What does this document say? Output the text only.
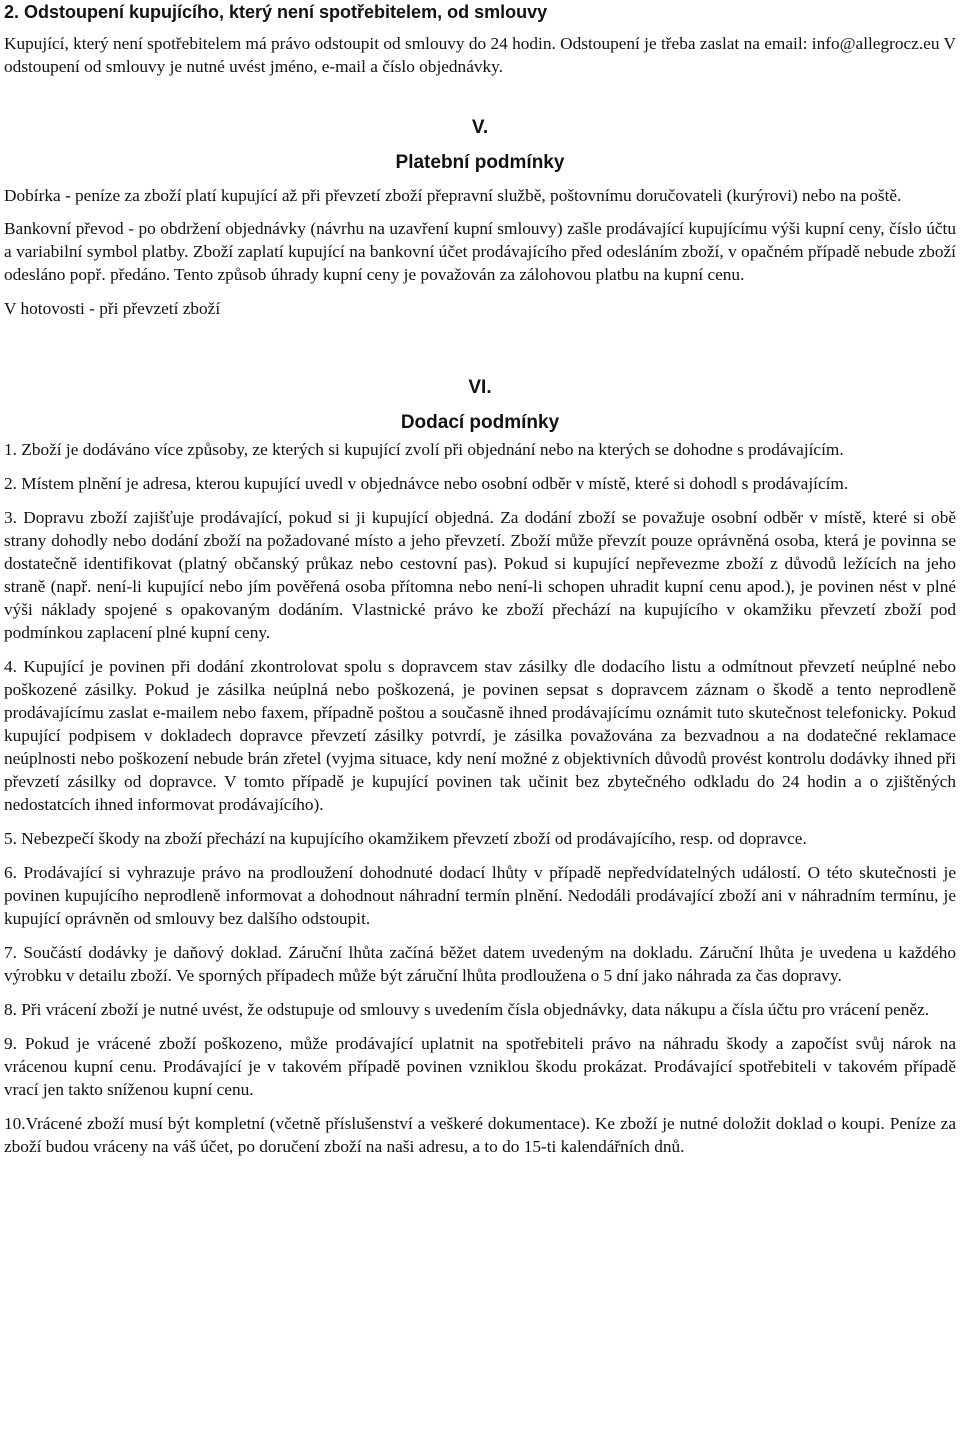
2. Odstoupení kupujícího, který není spotřebitelem, od smlouvy

Kupující, který není spotřebitelem má právo odstoupit od smlouvy do 24 hodin. Odstoupení je třeba zaslat na email: info@allegrocz.eu V odstoupení od smlouvy je nutné uvést jméno, e-mail a číslo objednávky.

V.
Platební podmínky

Dobírka - peníze za zboží platí kupující až při převzetí zboží přepravní službě, poštovnímu doručovateli (kurýrovi) nebo na poště.

Bankovní převod - po obdržení objednávky (návrhu na uzavření kupní smlouvy) zašle prodávající kupujícímu výši kupní ceny, číslo účtu a variabilní symbol platby. Zboží zaplatí kupující na bankovní účet prodávajícího před odesláním zboží, v opačném případě nebude zboží odesláno popř. předáno. Tento způsob úhrady kupní ceny je považován za zálohovou platbu na kupní cenu.

V hotovosti - při převzetí zboží

VI.
Dodací podmínky

1. Zboží je dodáváno více způsoby, ze kterých si kupující zvolí při objednání nebo na kterých se dohodne s prodávajícím.

2. Místem plnění je adresa, kterou kupující uvedl v objednávce nebo osobní odběr v místě, které si dohodl s prodávajícím.

3. Dopravu zboží zajišťuje prodávající, pokud si ji kupující objedná. Za dodání zboží se považuje osobní odběr v místě, které si obě strany dohodly nebo dodání zboží na požadované místo a jeho převzetí. Zboží může převzít pouze oprávněná osoba, která je povinna se dostatečně identifikovat (platný občanský průkaz nebo cestovní pas). Pokud si kupující nepřevezme zboží z důvodů ležících na jeho straně (např. není-li kupující nebo jím pověřená osoba přítomna nebo není-li schopen uhradit kupní cenu apod.), je povinen nést v plné výši náklady spojené s opakovaným dodáním. Vlastnické právo ke zboží přechází na kupujícího v okamžiku převzetí zboží pod podmínkou zaplacení plné kupní ceny.

4. Kupující je povinen při dodání zkontrolovat spolu s dopravcem stav zásilky dle dodacího listu a odmítnout převzetí neúplné nebo poškozené zásilky. Pokud je zásilka neúplná nebo poškozená, je povinen sepsat s dopravcem záznam o škodě a tento neprodleně prodávajícímu zaslat e-mailem nebo faxem, případně poštou a současně ihned prodávajícímu oznámit tuto skutečnost telefonicky. Pokud kupující podpisem v dokladech dopravce převzetí zásilky potvrdí, je zásilka považována za bezvadnou a na dodatečné reklamace neúplnosti nebo poškození nebude brán zřetel (vyjma situace, kdy není možné z objektivních důvodů provést kontrolu dodávky ihned při převzetí zásilky od dopravce. V tomto případě je kupující povinen tak učinit bez zbytečného odkladu do 24 hodin a o zjištěných nedostatcích ihned informovat prodávajícího).

5. Nebezpečí škody na zboží přechází na kupujícího okamžikem převzetí zboží od prodávajícího, resp. od dopravce.

6. Prodávající si vyhrazuje právo na prodloužení dohodnuté dodací lhůty v případě nepředvídatelných událostí. O této skutečnosti je povinen kupujícího neprodleně informovat a dohodnout náhradní termín plnění. Nedodáli prodávající zboží ani v náhradním termínu, je kupující oprávněn od smlouvy bez dalšího odstoupit.

7. Součástí dodávky je daňový doklad. Záruční lhůta začíná běžet datem uvedeným na dokladu. Záruční lhůta je uvedena u každého výrobku v detailu zboží. Ve sporných případech může být záruční lhůta prodloužena o 5 dní jako náhrada za čas dopravy.

8. Při vrácení zboží je nutné uvést, že odstupuje od smlouvy s uvedením čísla objednávky, data nákupu a čísla účtu pro vrácení peněz.

9. Pokud je vrácené zboží poškozeno, může prodávající uplatnit na spotřebiteli právo na náhradu škody a započíst svůj nárok na vrácenou kupní cenu. Prodávající je v takovém případě povinen vzniklou škodu prokázat. Prodávající spotřebiteli v takovém případě vrací jen takto sníženou kupní cenu.

10.Vrácené zboží musí být kompletní (včetně příslušenství a veškeré dokumentace). Ke zboží je nutné doložit doklad o koupi. Peníze za zboží budou vráceny na váš účet, po doručení zboží na naši adresu, a to do 15-ti kalendářních dnů.
